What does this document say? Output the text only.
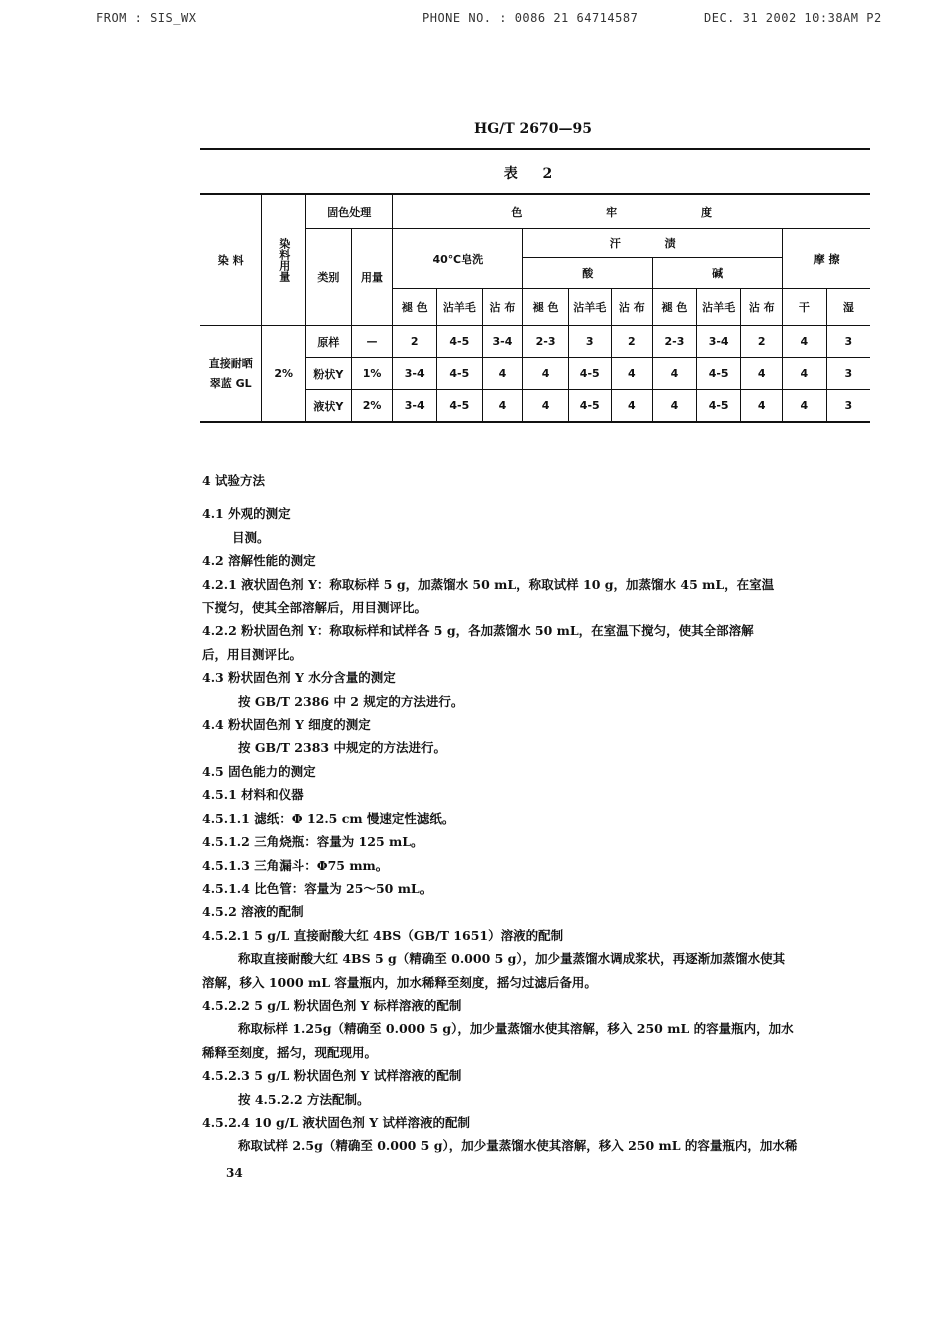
FROM : SIS_WX	PHONE NO. : 0086 21 64714587	DEC. 31 2002 10:38AM P2
HG/T 2670—95
表 2
染 料	染料用量	固色处理		色 牢 度										
		类别	用量	40℃皂洗			汗 渍						摩 擦	
							酸			碱				
				褪 色	沾羊毛	沾 布	褪 色	沾羊毛	沾 布	褪 色	沾羊毛	沾 布	干	湿
直接耐晒翠蓝 GL	2%	原样	—	2	4-5	3-4	2-3	3	2	2-3	3-4	2	4	3
		粉状Y	1%	3-4	4-5	4	4	4-5	4	4	4-5	4	4	3
		液状Y	2%	3-4	4-5	4	4	4-5	4	4	4-5	4	4	3

4 试验方法

4.1 外观的测定

目测。

4.2 溶解性能的测定

4.2.1 液状固色剂 Y：称取标样 5 g，加蒸馏水 50 mL，称取试样 10 g，加蒸馏水 45 mL，在室温

下搅匀，使其全部溶解后，用目测评比。

4.2.2 粉状固色剂 Y：称取标样和试样各 5 g，各加蒸馏水 50 mL，在室温下搅匀，使其全部溶解

后，用目测评比。

4.3 粉状固色剂 Y 水分含量的测定

按 GB/T 2386 中 2 规定的方法进行。

4.4 粉状固色剂 Y 细度的测定

按 GB/T 2383 中规定的方法进行。

4.5 固色能力的测定

4.5.1 材料和仪器

4.5.1.1 滤纸：Φ 12.5 cm 慢速定性滤纸。

4.5.1.2 三角烧瓶：容量为 125 mL。

4.5.1.3 三角漏斗：Φ75 mm。

4.5.1.4 比色管：容量为 25～50 mL。

4.5.2 溶液的配制

4.5.2.1 5 g/L 直接耐酸大红 4BS（GB/T 1651）溶液的配制

称取直接耐酸大红 4BS 5 g（精确至 0.000 5 g），加少量蒸馏水调成浆状，再逐渐加蒸馏水使其

溶解，移入 1000 mL 容量瓶内，加水稀释至刻度，摇匀过滤后备用。

4.5.2.2 5 g/L 粉状固色剂 Y 标样溶液的配制

称取标样 1.25g（精确至 0.000 5 g），加少量蒸馏水使其溶解，移入 250 mL 的容量瓶内，加水

稀释至刻度，摇匀，现配现用。

4.5.2.3 5 g/L 粉状固色剂 Y 试样溶液的配制

按 4.5.2.2 方法配制。

4.5.2.4 10 g/L 液状固色剂 Y 试样溶液的配制

称取试样 2.5g（精确至 0.000 5 g），加少量蒸馏水使其溶解，移入 250 mL 的容量瓶内，加水稀

34
